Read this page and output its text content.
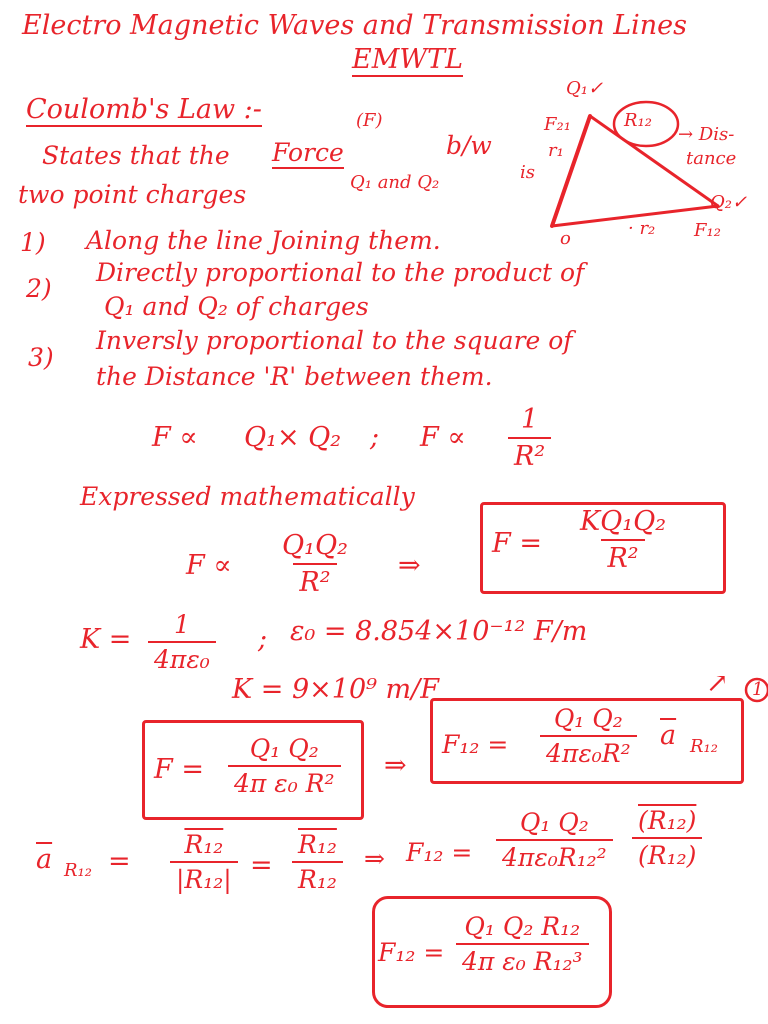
Electro Magnetic Waves and Transmission Lines
EMWTL
Coulomb's Law :-
States that the Force
(F)
b/w
is
two point charges	Q₁ and Q₂
Q₁✓
R₁₂
→ Dis-
tance
F₂₁
r₁
Q₂✓
F₁₂
· r₂
o
1) Along the line Joining them.
2)
Directly proportional to the product of
Q₁ and Q₂ of charges
3)
Inversly proportional to the square of
the Distance 'R' between them.
F ∝ Q₁× Q₂ ; $F \propto \frac{1}{\text{R²}}$
Expressed mathematically
$F \propto \frac{\text{Q₁Q₂}}{\text{R²}}$ ⇒
$F = \frac{\text{KQ₁Q₂}}{\text{R²}}$
$K = \frac{1}{\text{4πε₀}}$ ; ε₀ = 8.854×10⁻¹² F/m
K = 9×10⁹ m/F	↗ 1
$F = \frac{\text{Q₁ Q₂}}{\text{4π ε₀ R²}}$ ⇒
$F_{12} = \frac{\text{Q₁ Q₂}}{\text{4πε₀R²}} \overline{a}$ R₁₂
$\overline{a}$ $R_{12} = \frac{\text{R₁₂}}{\text{|R₁₂|}} = \frac{\text{R₁₂}}{\text{R₁₂}}$ ⇒ $F_{12} = \frac{\text{Q₁ Q₂}}{\text{4πε₀R₁₂²}} \frac{\text{(R₁₂)}}{\text{(R₁₂)}}$
$F_{12} = \frac{\text{Q₁ Q₂ R₁₂}}{\text{4π ε₀ R₁₂³}}$
